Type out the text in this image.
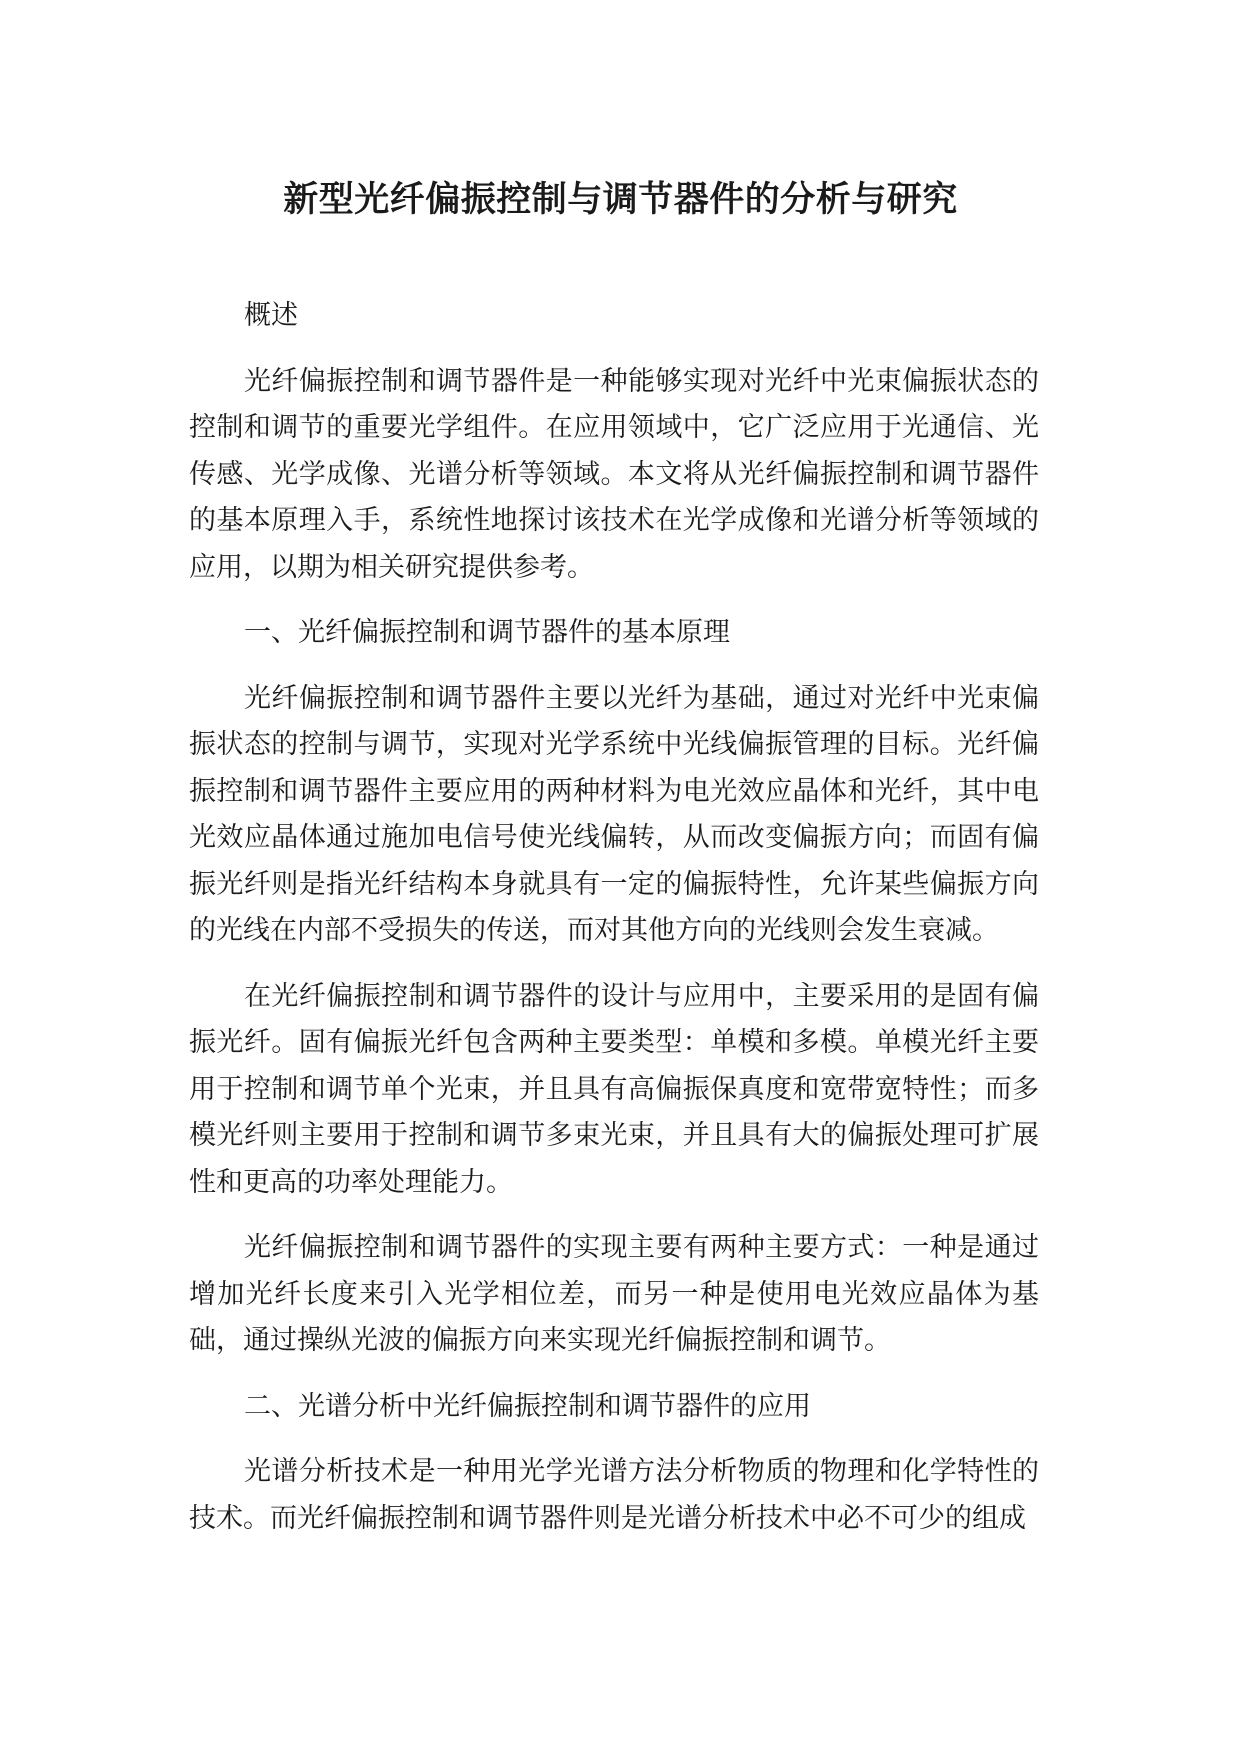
新型光纤偏振控制与调节器件的分析与研究

概述

光纤偏振控制和调节器件是一种能够实现对光纤中光束偏振状态的控制和调节的重要光学组件。在应用领域中，它广泛应用于光通信、光传感、光学成像、光谱分析等领域。本文将从光纤偏振控制和调节器件的基本原理入手，系统性地探讨该技术在光学成像和光谱分析等领域的应用，以期为相关研究提供参考。

一、光纤偏振控制和调节器件的基本原理

光纤偏振控制和调节器件主要以光纤为基础，通过对光纤中光束偏振状态的控制与调节，实现对光学系统中光线偏振管理的目标。光纤偏振控制和调节器件主要应用的两种材料为电光效应晶体和光纤，其中电光效应晶体通过施加电信号使光线偏转，从而改变偏振方向；而固有偏振光纤则是指光纤结构本身就具有一定的偏振特性，允许某些偏振方向的光线在内部不受损失的传送，而对其他方向的光线则会发生衰减。

在光纤偏振控制和调节器件的设计与应用中，主要采用的是固有偏振光纤。固有偏振光纤包含两种主要类型：单模和多模。单模光纤主要用于控制和调节单个光束，并且具有高偏振保真度和宽带宽特性；而多模光纤则主要用于控制和调节多束光束，并且具有大的偏振处理可扩展性和更高的功率处理能力。

光纤偏振控制和调节器件的实现主要有两种主要方式：一种是通过增加光纤长度来引入光学相位差，而另一种是使用电光效应晶体为基础，通过操纵光波的偏振方向来实现光纤偏振控制和调节。

二、光谱分析中光纤偏振控制和调节器件的应用

光谱分析技术是一种用光学光谱方法分析物质的物理和化学特性的技术。而光纤偏振控制和调节器件则是光谱分析技术中必不可少的组成
